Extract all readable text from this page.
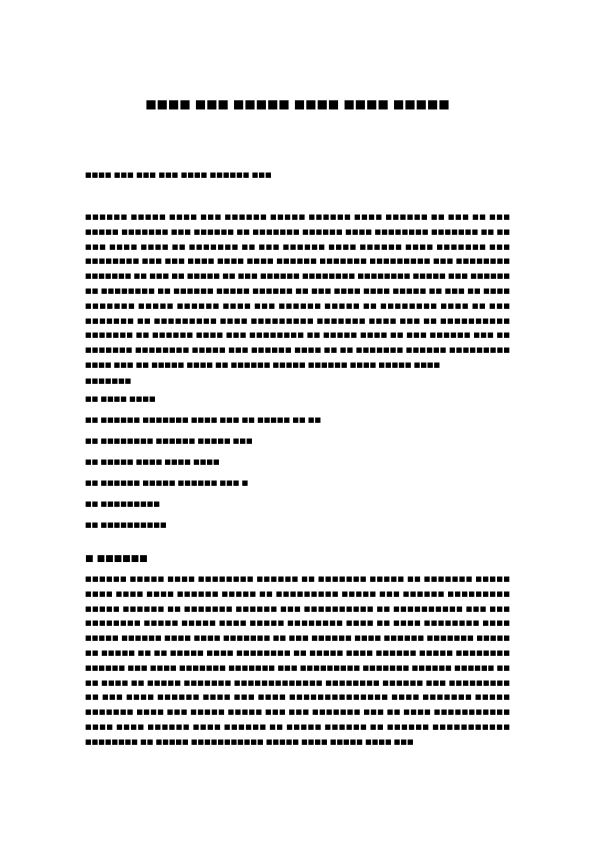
■■■■ ■■■ ■■■■■ ■■■■ ■■■■ ■■■■■
■■■■ ■■■ ■■■ ■■■ ■■■■ ■■■■■■ ■■■
■■■■■■ ■■■■■ ■■■■ ■■■ ■■■■■■ ■■■■■ ■■■■■■ ■■■■ ■■■■■■ ■■ ■■■ ■■ ■■■ ■■■■■ ■■■■■■■ ■■■ ■■■■■■ ■■ ■■■■■■■ ■■■■■■ ■■■■ ■■■■■■■■ ■■■■■■■ ■■ ■■ ■■■ ■■■■ ■■■■ ■■ ■■■■■■■ ■■ ■■■ ■■■■■■ ■■■■ ■■■■■■ ■■■■ ■■■■■■■ ■■■ ■■■■■■■■ ■■■ ■■■ ■■■■ ■■■■ ■■■■ ■■■■■■ ■■■■■■■ ■■■■■■■■■ ■■■ ■■■■■■■■ ■■■■■■■ ■■ ■■■ ■■ ■■■■■ ■■ ■■■ ■■■■■■ ■■■■■■■■ ■■■■■■■■ ■■■■■ ■■■ ■■■■■■ ■■ ■■■■■■■■ ■■ ■■■■■■ ■■■■■ ■■■■■■ ■■ ■■■ ■■■■ ■■■■ ■■■■■ ■■ ■■■ ■■ ■■■■ ■■■■■■■ ■■■■■ ■■■■■■ ■■■■ ■■■ ■■■■■■ ■■■■■ ■■ ■■■■■■■■ ■■■■ ■■ ■■■ ■■■■■■■ ■■ ■■■■■■■■■ ■■■■ ■■■■■■■■■ ■■■■■■■ ■■■■ ■■■ ■■ ■■■■■■■■■■ ■■■■■■■ ■■ ■■■■■■ ■■■■ ■■■ ■■■■■■■■ ■■ ■■■■■ ■■■■ ■■ ■■■ ■■■■■■ ■■■ ■■ ■■■■■■■ ■■■■■■■■ ■■■■■ ■■■ ■■■■■■ ■■■■ ■■ ■■ ■■■■■■■ ■■■■■■ ■■■■■■■■■ ■■■■ ■■■ ■■ ■■■■■ ■■■■ ■■ ■■■■■■ ■■■■■ ■■■■■■ ■■■■ ■■■■■ ■■■■
■■■■■■■
■■ ■■■■ ■■■■
■■ ■■■■■■ ■■■■■■■ ■■■■ ■■■ ■■ ■■■■■ ■■ ■■
■■ ■■■■■■■■ ■■■■■■ ■■■■■ ■■■
■■ ■■■■■ ■■■■ ■■■■ ■■■■
■■ ■■■■■■ ■■■■■ ■■■■■■ ■■■ ■
■■ ■■■■■■■■■
■■ ■■■■■■■■■■
■ ■■■■■■
■■■■■■ ■■■■■ ■■■■ ■■■■■■■■ ■■■■■■ ■■ ■■■■■■■ ■■■■■ ■■ ■■■■■■■ ■■■■■ ■■■■ ■■■■ ■■■■ ■■■■■■ ■■■■■ ■■ ■■■■■■■■■ ■■■■■ ■■■ ■■■■■■ ■■■■■■■■■ ■■■■■ ■■■■■■ ■■ ■■■■■■■ ■■■■■■ ■■■ ■■■■■■■■■■ ■■ ■■■■■■■■■■ ■■■ ■■■ ■■■■■■■■ ■■■■■ ■■■■■ ■■■■ ■■■■■ ■■■■■■■■ ■■■■ ■■ ■■■■ ■■■■■■■■ ■■■■ ■■■■■ ■■■■■■ ■■■■ ■■■■ ■■■■■■■ ■■ ■■■ ■■■■■■ ■■■■ ■■■■■■ ■■■■■■■ ■■■■■ ■■ ■■■■■ ■■ ■■ ■■■■■ ■■■■ ■■■■■■■■ ■■ ■■■■■ ■■■■ ■■■■■■ ■■■■■ ■■■■■■■■ ■■■■■■ ■■■ ■■■■ ■■■■■■■ ■■■■■■■ ■■■ ■■■■■■■■■ ■■■■■■■ ■■■■■■ ■■■■■■ ■■ ■■ ■■■■ ■■ ■■■■■ ■■■■■■■ ■■■■■■■■■■■■■ ■■■■■■■■ ■■■■■■ ■■■ ■■■■■■■■■ ■■ ■■■ ■■■■ ■■■■■■ ■■■■ ■■■ ■■■■ ■■■■■■■■■■■■■■ ■■■■ ■■■■■■■ ■■■■■ ■■■■■■■ ■■■■ ■■■ ■■■■■ ■■■■■ ■■■ ■■■ ■■■■■■■ ■■■ ■■ ■■■■ ■■■■■■■■■■■ ■■■■ ■■■■ ■■■■■■ ■■■■ ■■■■■■ ■■ ■■■■■ ■■■■■■ ■■ ■■■■■■ ■■■■■■■■■■■ ■■■■■■■■ ■■ ■■■■■ ■■■■■■■■■■■ ■■■■■ ■■■■ ■■■■■ ■■■■ ■■■
